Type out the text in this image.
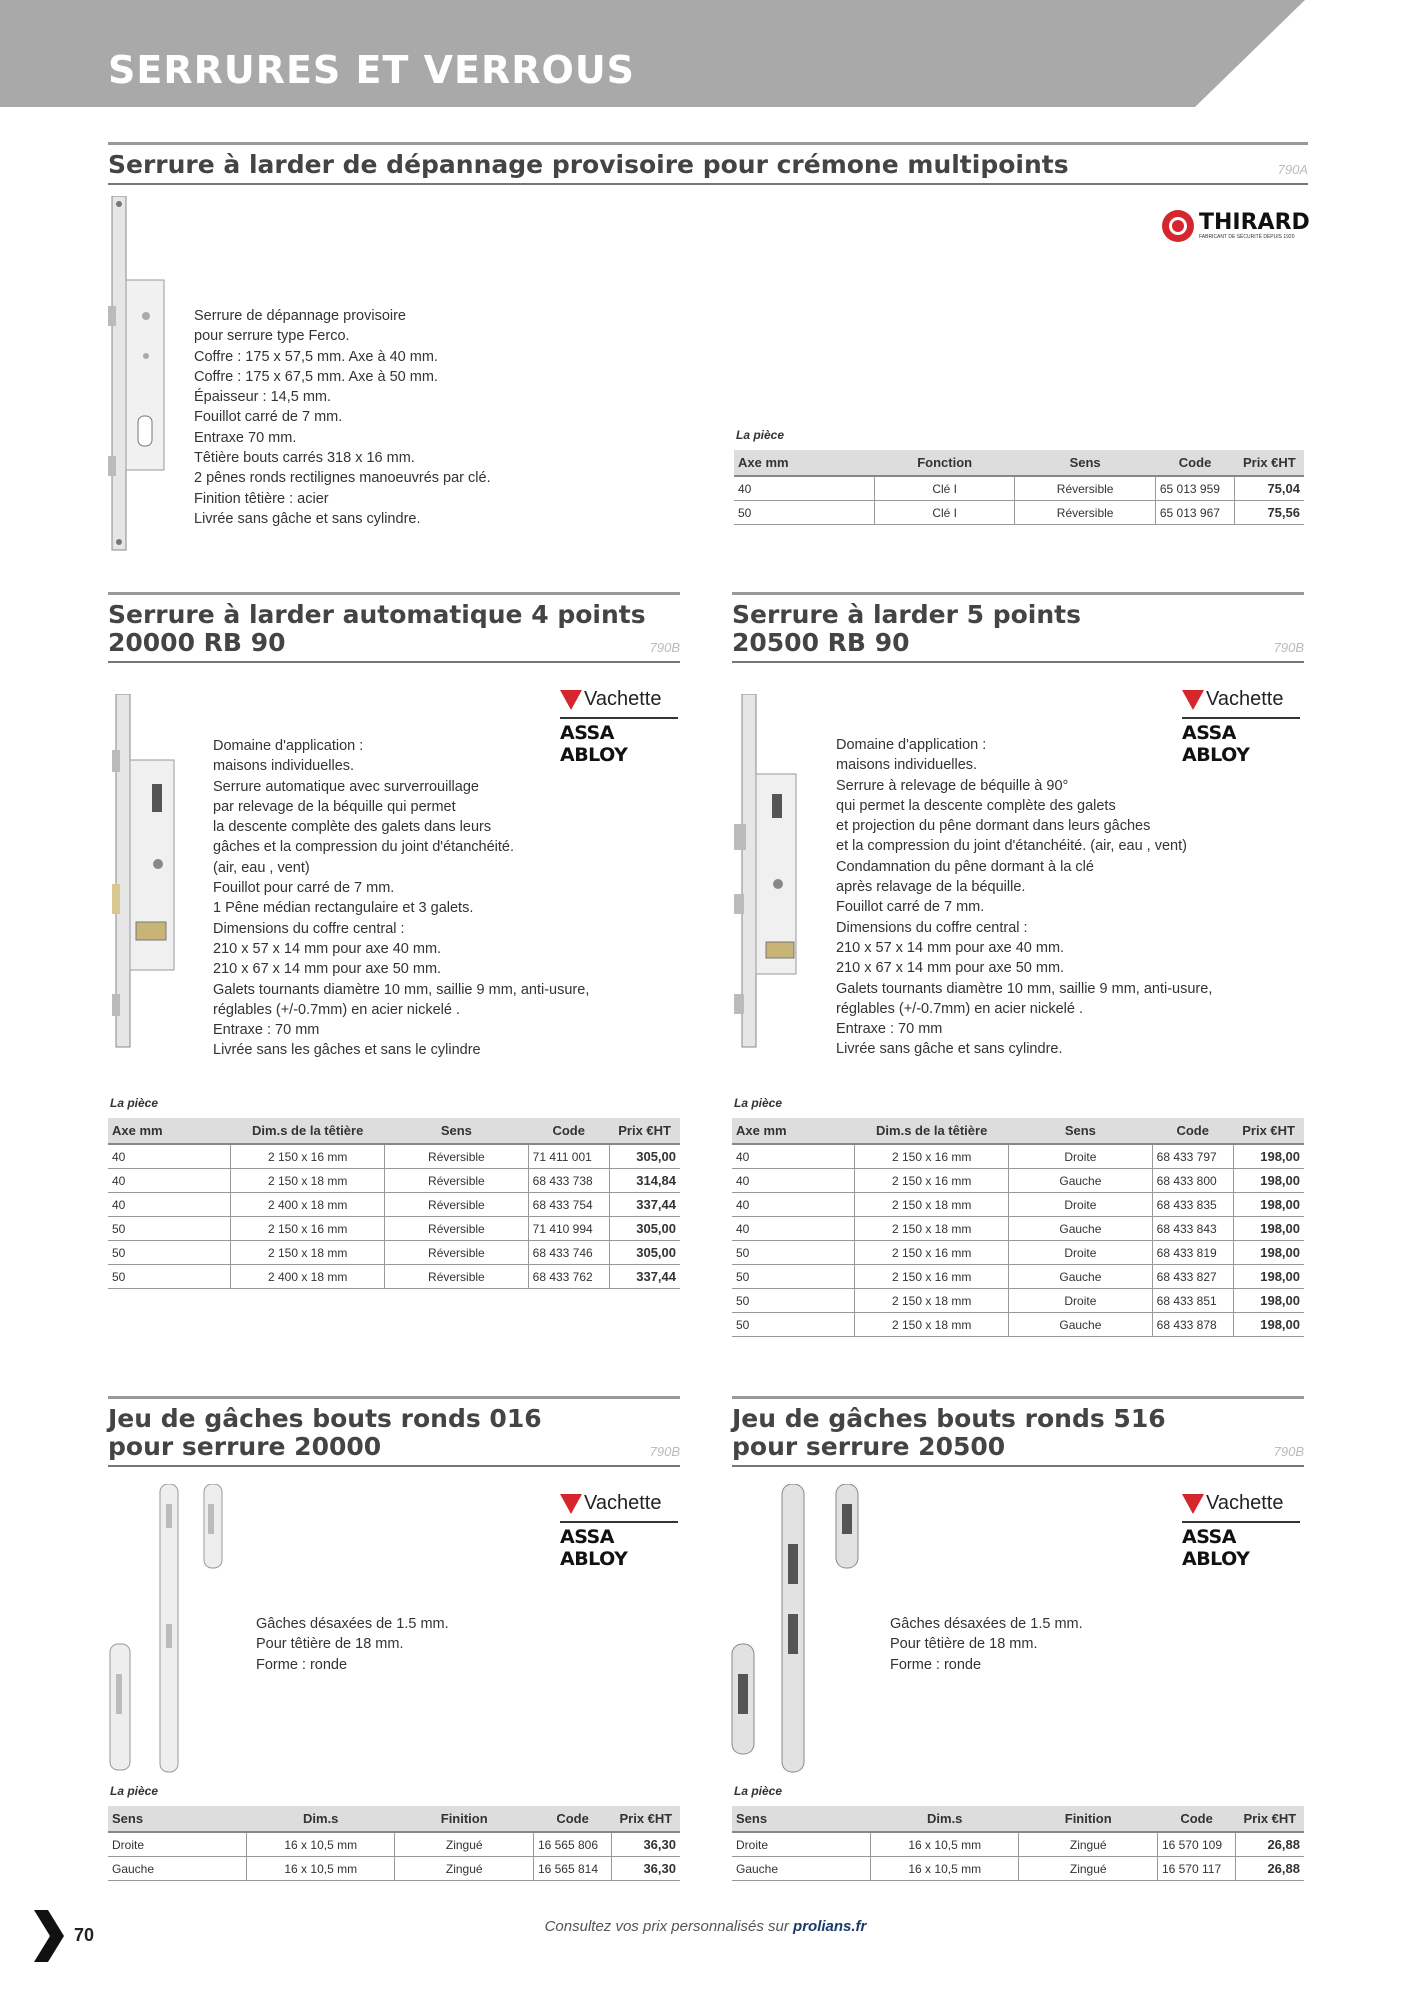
SERRURES ET VERROUS
Serrure à larder de dépannage provisoire pour crémone multipoints	790A
THIRARD
FABRICANT DE SÉCURITÉ DEPUIS 1920
Serrure de dépannage provisoire
pour serrure type Ferco.
Coffre : 175 x 57,5 mm. Axe à 40 mm.
Coffre : 175 x 67,5 mm. Axe à 50 mm.
Épaisseur : 14,5 mm.
Fouillot carré de 7 mm.
Entraxe 70 mm.
Têtière bouts carrés 318 x 16 mm.
2 pênes ronds rectilignes manoeuvrés par clé.
Finition têtière : acier
Livrée sans gâche et sans cylindre.
La pièce
Axe mm	Fonction	Sens	Code	Prix €HT
40	Clé I	Réversible	65 013 959	75,04
50	Clé I	Réversible	65 013 967	75,56
Serrure à larder automatique 4 points
20000 RB 90	790B
Vachette
ASSA ABLOY
Domaine d'application :
maisons individuelles.
Serrure automatique avec surverrouillage
par relevage de la béquille qui permet
la descente complète des galets dans leurs
gâches et la compression du joint d'étanchéité.
(air, eau , vent)
Fouillot pour carré de 7 mm.
1 Pêne médian rectangulaire et 3 galets.
Dimensions du coffre central :
210 x 57 x 14 mm pour axe 40 mm.
210 x 67 x 14 mm pour axe 50 mm.
Galets tournants diamètre 10 mm, saillie 9 mm, anti-usure,
réglables (+/-0.7mm) en acier nickelé .
Entraxe : 70 mm
Livrée sans les gâches et sans le cylindre
La pièce
Axe mm	Dim.s de la têtière	Sens	Code	Prix €HT
40	2 150 x 16 mm	Réversible	71 411 001	305,00
40	2 150 x 18 mm	Réversible	68 433 738	314,84
40	2 400 x 18 mm	Réversible	68 433 754	337,44
50	2 150 x 16 mm	Réversible	71 410 994	305,00
50	2 150 x 18 mm	Réversible	68 433 746	305,00
50	2 400 x 18 mm	Réversible	68 433 762	337,44
Serrure à larder 5 points
20500 RB 90	790B
Vachette
ASSA ABLOY
Domaine d'application :
maisons individuelles.
Serrure à relevage de béquille à 90°
qui permet la descente complète des galets
et projection du pêne dormant dans leurs gâches
et la compression du joint d'étanchéité. (air, eau , vent)
Condamnation du pêne dormant à la clé
après relavage de la béquille.
Fouillot carré de 7 mm.
Dimensions du coffre central :
210 x 57 x 14 mm pour axe 40 mm.
210 x 67 x 14 mm pour axe 50 mm.
Galets tournants diamètre 10 mm, saillie 9 mm, anti-usure,
réglables (+/-0.7mm) en acier nickelé .
Entraxe : 70 mm
Livrée sans gâche et sans cylindre.
La pièce
Axe mm	Dim.s de la têtière	Sens	Code	Prix €HT
40	2 150 x 16 mm	Droite	68 433 797	198,00
40	2 150 x 16 mm	Gauche	68 433 800	198,00
40	2 150 x 18 mm	Droite	68 433 835	198,00
40	2 150 x 18 mm	Gauche	68 433 843	198,00
50	2 150 x 16 mm	Droite	68 433 819	198,00
50	2 150 x 16 mm	Gauche	68 433 827	198,00
50	2 150 x 18 mm	Droite	68 433 851	198,00
50	2 150 x 18 mm	Gauche	68 433 878	198,00
Jeu de gâches bouts ronds 016
pour serrure 20000	790B
Vachette
ASSA ABLOY
Gâches désaxées de 1.5 mm.
Pour têtière de 18 mm.
Forme : ronde
La pièce
Sens	Dim.s	Finition	Code	Prix €HT
Droite	16 x 10,5 mm	Zingué	16 565 806	36,30
Gauche	16 x 10,5 mm	Zingué	16 565 814	36,30
Jeu de gâches bouts ronds 516
pour serrure 20500	790B
Vachette
ASSA ABLOY
Gâches désaxées de 1.5 mm.
Pour têtière de 18 mm.
Forme : ronde
La pièce
Sens	Dim.s	Finition	Code	Prix €HT
Droite	16 x 10,5 mm	Zingué	16 570 109	26,88
Gauche	16 x 10,5 mm	Zingué	16 570 117	26,88
70	Consultez vos prix personnalisés sur prolians.fr
